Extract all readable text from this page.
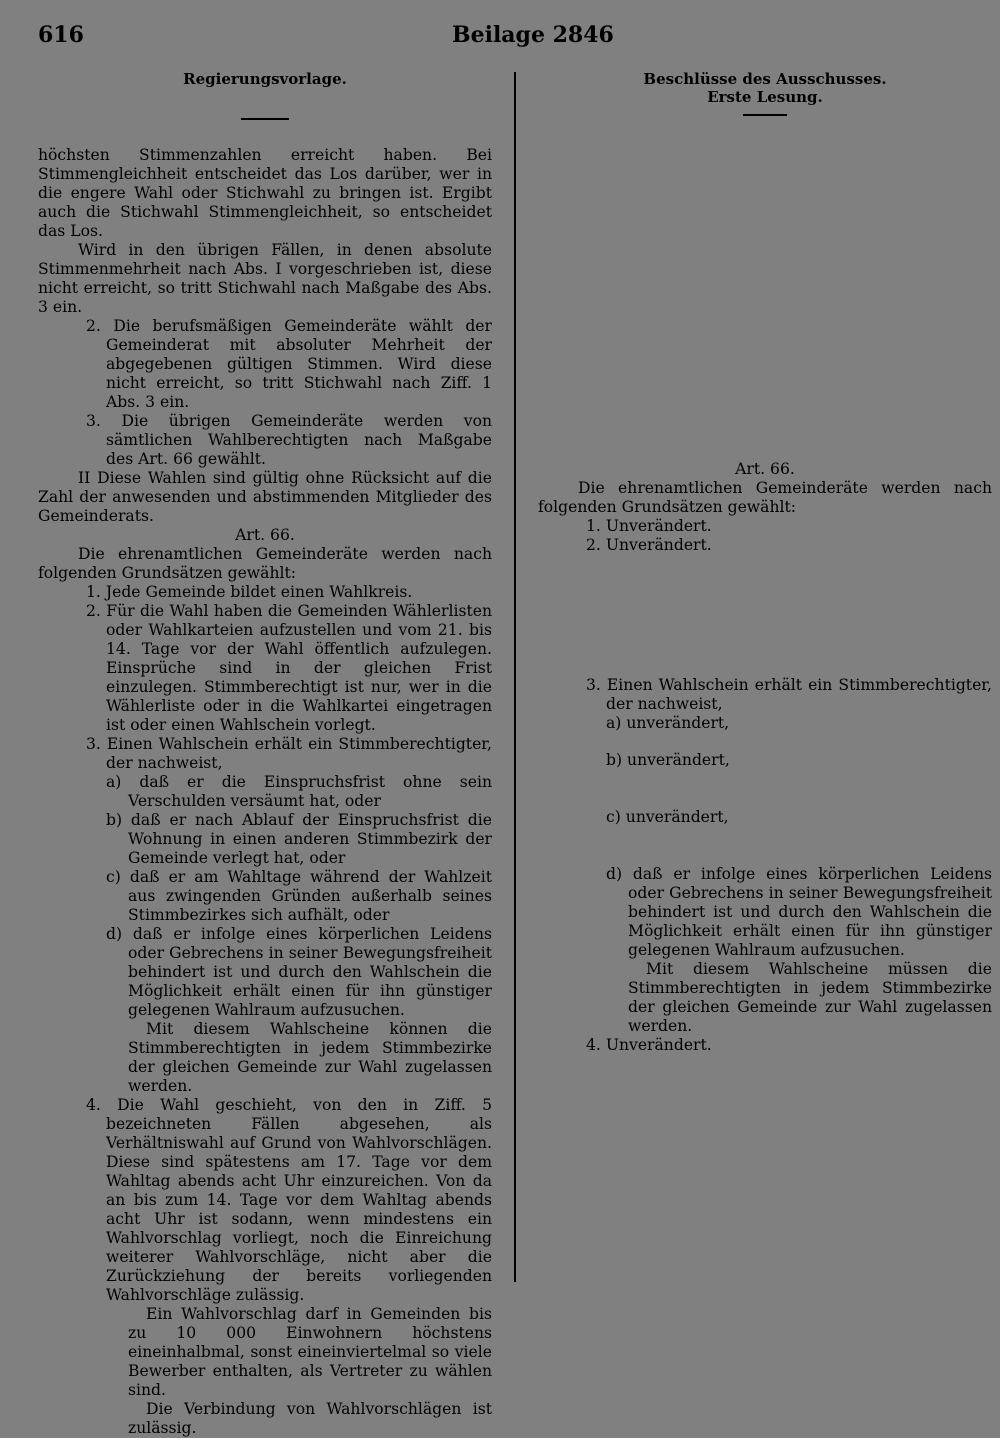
616	Beilage 2846
Regierungsvorlage.

höchsten Stimmenzahlen erreicht haben. Bei Stimmengleichheit entscheidet das Los darüber, wer in die engere Wahl oder Stichwahl zu bringen ist. Ergibt auch die Stichwahl Stimmengleichheit, so entscheidet das Los.

Wird in den übrigen Fällen, in denen absolute Stimmenmehrheit nach Abs. I vorgeschrieben ist, diese nicht erreicht, so tritt Stichwahl nach Maßgabe des Abs. 3 ein.

2. Die berufsmäßigen Gemeinderäte wählt der Gemeinderat mit absoluter Mehrheit der abgegebenen gültigen Stimmen. Wird diese nicht erreicht, so tritt Stichwahl nach Ziff. 1 Abs. 3 ein.

3. Die übrigen Gemeinderäte werden von sämtlichen Wahlberechtigten nach Maßgabe des Art. 66 gewählt.

II Diese Wahlen sind gültig ohne Rücksicht auf die Zahl der anwesenden und abstimmenden Mitglieder des Gemeinderats.

Art. 66.

Die ehrenamtlichen Gemeinderäte werden nach folgenden Grundsätzen gewählt:

1. Jede Gemeinde bildet einen Wahlkreis.

2. Für die Wahl haben die Gemeinden Wählerlisten oder Wahlkarteien aufzustellen und vom 21. bis 14. Tage vor der Wahl öffentlich aufzulegen. Einsprüche sind in der gleichen Frist einzulegen. Stimmberechtigt ist nur, wer in die Wählerliste oder in die Wahlkartei eingetragen ist oder einen Wahlschein vorlegt.

3. Einen Wahlschein erhält ein Stimmberechtigter, der nachweist,

a) daß er die Einspruchsfrist ohne sein Verschulden versäumt hat, oder

b) daß er nach Ablauf der Einspruchsfrist die Wohnung in einen anderen Stimmbezirk der Gemeinde verlegt hat, oder

c) daß er am Wahltage während der Wahlzeit aus zwingenden Gründen außerhalb seines Stimmbezirkes sich aufhält, oder

d) daß er infolge eines körperlichen Leidens oder Gebrechens in seiner Bewegungsfreiheit behindert ist und durch den Wahlschein die Möglichkeit erhält einen für ihn günstiger gelegenen Wahlraum aufzusuchen.

Mit diesem Wahlscheine können die Stimmberechtigten in jedem Stimmbezirke der gleichen Gemeinde zur Wahl zugelassen werden.

4. Die Wahl geschieht, von den in Ziff. 5 bezeichneten Fällen abgesehen, als Verhältniswahl auf Grund von Wahlvorschlägen. Diese sind spätestens am 17. Tage vor dem Wahltag abends acht Uhr einzureichen. Von da an bis zum 14. Tage vor dem Wahltag abends acht Uhr ist sodann, wenn mindestens ein Wahlvorschlag vorliegt, noch die Einreichung weiterer Wahlvorschläge, nicht aber die Zurückziehung der bereits vorliegenden Wahlvorschläge zulässig.

Ein Wahlvorschlag darf in Gemeinden bis zu 10 000 Einwohnern höchstens eineinhalbmal, sonst eineinviertelmal so viele Bewerber enthalten, als Vertreter zu wählen sind.

Die Verbindung von Wahlvorschlägen ist zulässig.

Beschlüsse des Ausschusses.
Erste Lesung.

Art. 66.

Die ehrenamtlichen Gemeinderäte werden nach folgenden Grundsätzen gewählt:

1. Unverändert.

2. Unverändert.

3. Einen Wahlschein erhält ein Stimmberechtigter, der nachweist,

a) unverändert,

b) unverändert,

c) unverändert,

d) daß er infolge eines körperlichen Leidens oder Gebrechens in seiner Bewegungsfreiheit behindert ist und durch den Wahlschein die Möglichkeit erhält einen für ihn günstiger gelegenen Wahlraum aufzusuchen.

Mit diesem Wahlscheine müssen die Stimmberechtigten in jedem Stimmbezirke der gleichen Gemeinde zur Wahl zugelassen werden.

4. Unverändert.
